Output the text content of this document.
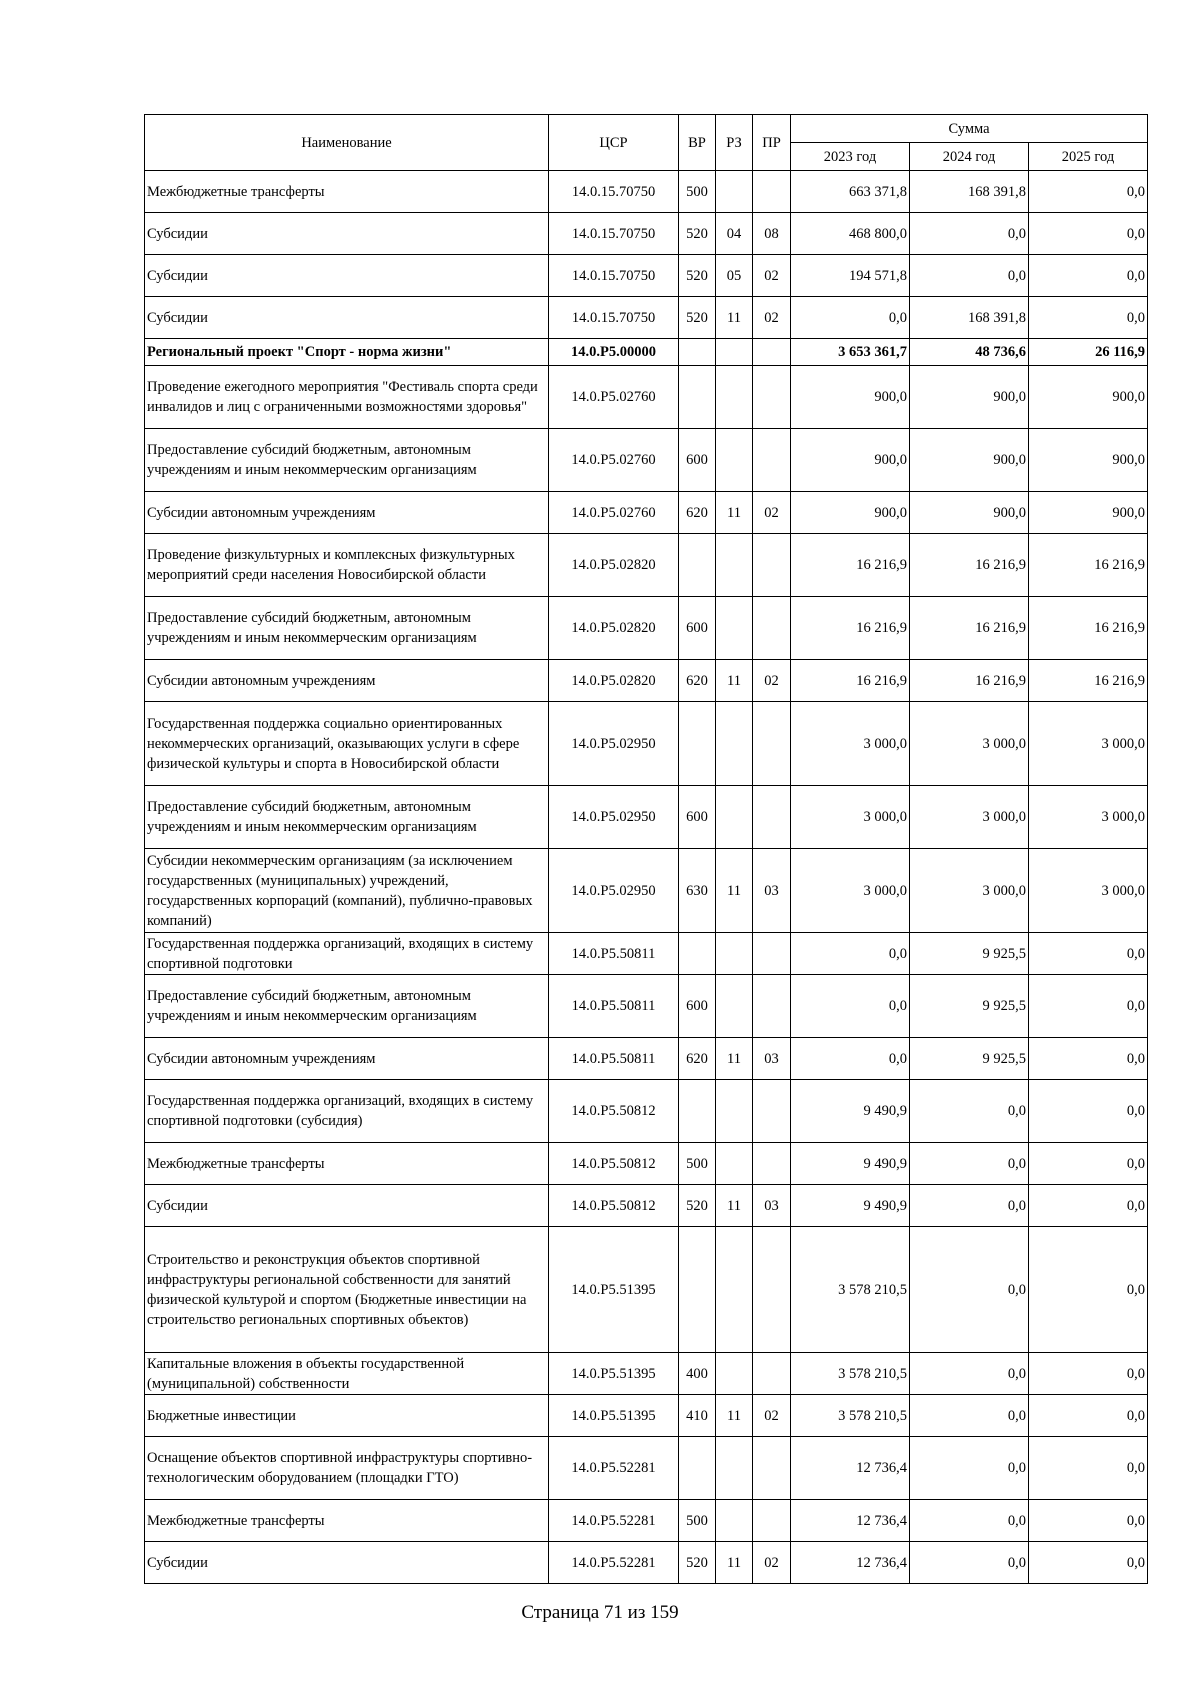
Наименование	ЦСР	ВР	РЗ	ПР	Сумма		
					2023 год	2024 год	2025 год
Межбюджетные трансферты	14.0.15.70750	500			663 371,8	168 391,8	0,0
Субсидии	14.0.15.70750	520	04	08	468 800,0	0,0	0,0
Субсидии	14.0.15.70750	520	05	02	194 571,8	0,0	0,0
Субсидии	14.0.15.70750	520	11	02	0,0	168 391,8	0,0
Региональный проект "Спорт - норма жизни"	14.0.P5.00000				3 653 361,7	48 736,6	26 116,9
Проведение ежегодного мероприятия "Фестиваль спорта среди инвалидов и лиц с ограниченными возможностями здоровья"	14.0.P5.02760				900,0	900,0	900,0
Предоставление субсидий бюджетным, автономным учреждениям и иным некоммерческим организациям	14.0.P5.02760	600			900,0	900,0	900,0
Субсидии автономным учреждениям	14.0.P5.02760	620	11	02	900,0	900,0	900,0
Проведение физкультурных и комплексных физкультурных мероприятий среди населения Новосибирской области	14.0.P5.02820				16 216,9	16 216,9	16 216,9
Предоставление субсидий бюджетным, автономным учреждениям и иным некоммерческим организациям	14.0.P5.02820	600			16 216,9	16 216,9	16 216,9
Субсидии автономным учреждениям	14.0.P5.02820	620	11	02	16 216,9	16 216,9	16 216,9
Государственная поддержка социально ориентированных некоммерческих организаций, оказывающих услуги в сфере физической культуры и спорта в Новосибирской области	14.0.P5.02950				3 000,0	3 000,0	3 000,0
Предоставление субсидий бюджетным, автономным учреждениям и иным некоммерческим организациям	14.0.P5.02950	600			3 000,0	3 000,0	3 000,0
Субсидии некоммерческим организациям (за исключением государственных (муниципальных) учреждений, государственных корпораций (компаний), публично-правовых компаний)	14.0.P5.02950	630	11	03	3 000,0	3 000,0	3 000,0
Государственная поддержка организаций, входящих в систему спортивной подготовки	14.0.P5.50811				0,0	9 925,5	0,0
Предоставление субсидий бюджетным, автономным учреждениям и иным некоммерческим организациям	14.0.P5.50811	600			0,0	9 925,5	0,0
Субсидии автономным учреждениям	14.0.P5.50811	620	11	03	0,0	9 925,5	0,0
Государственная поддержка организаций, входящих в систему спортивной подготовки (субсидия)	14.0.P5.50812				9 490,9	0,0	0,0
Межбюджетные трансферты	14.0.P5.50812	500			9 490,9	0,0	0,0
Субсидии	14.0.P5.50812	520	11	03	9 490,9	0,0	0,0
Строительство и реконструкция объектов спортивной инфраструктуры региональной собственности для занятий физической культурой и спортом (Бюджетные инвестиции на строительство региональных спортивных объектов)	14.0.P5.51395				3 578 210,5	0,0	0,0
Капитальные вложения в объекты государственной (муниципальной) собственности	14.0.P5.51395	400			3 578 210,5	0,0	0,0
Бюджетные инвестиции	14.0.P5.51395	410	11	02	3 578 210,5	0,0	0,0
Оснащение объектов спортивной инфраструктуры спортивно-технологическим оборудованием (площадки ГТО)	14.0.P5.52281				12 736,4	0,0	0,0
Межбюджетные трансферты	14.0.P5.52281	500			12 736,4	0,0	0,0
Субсидии	14.0.P5.52281	520	11	02	12 736,4	0,0	0,0
Страница 71 из 159
